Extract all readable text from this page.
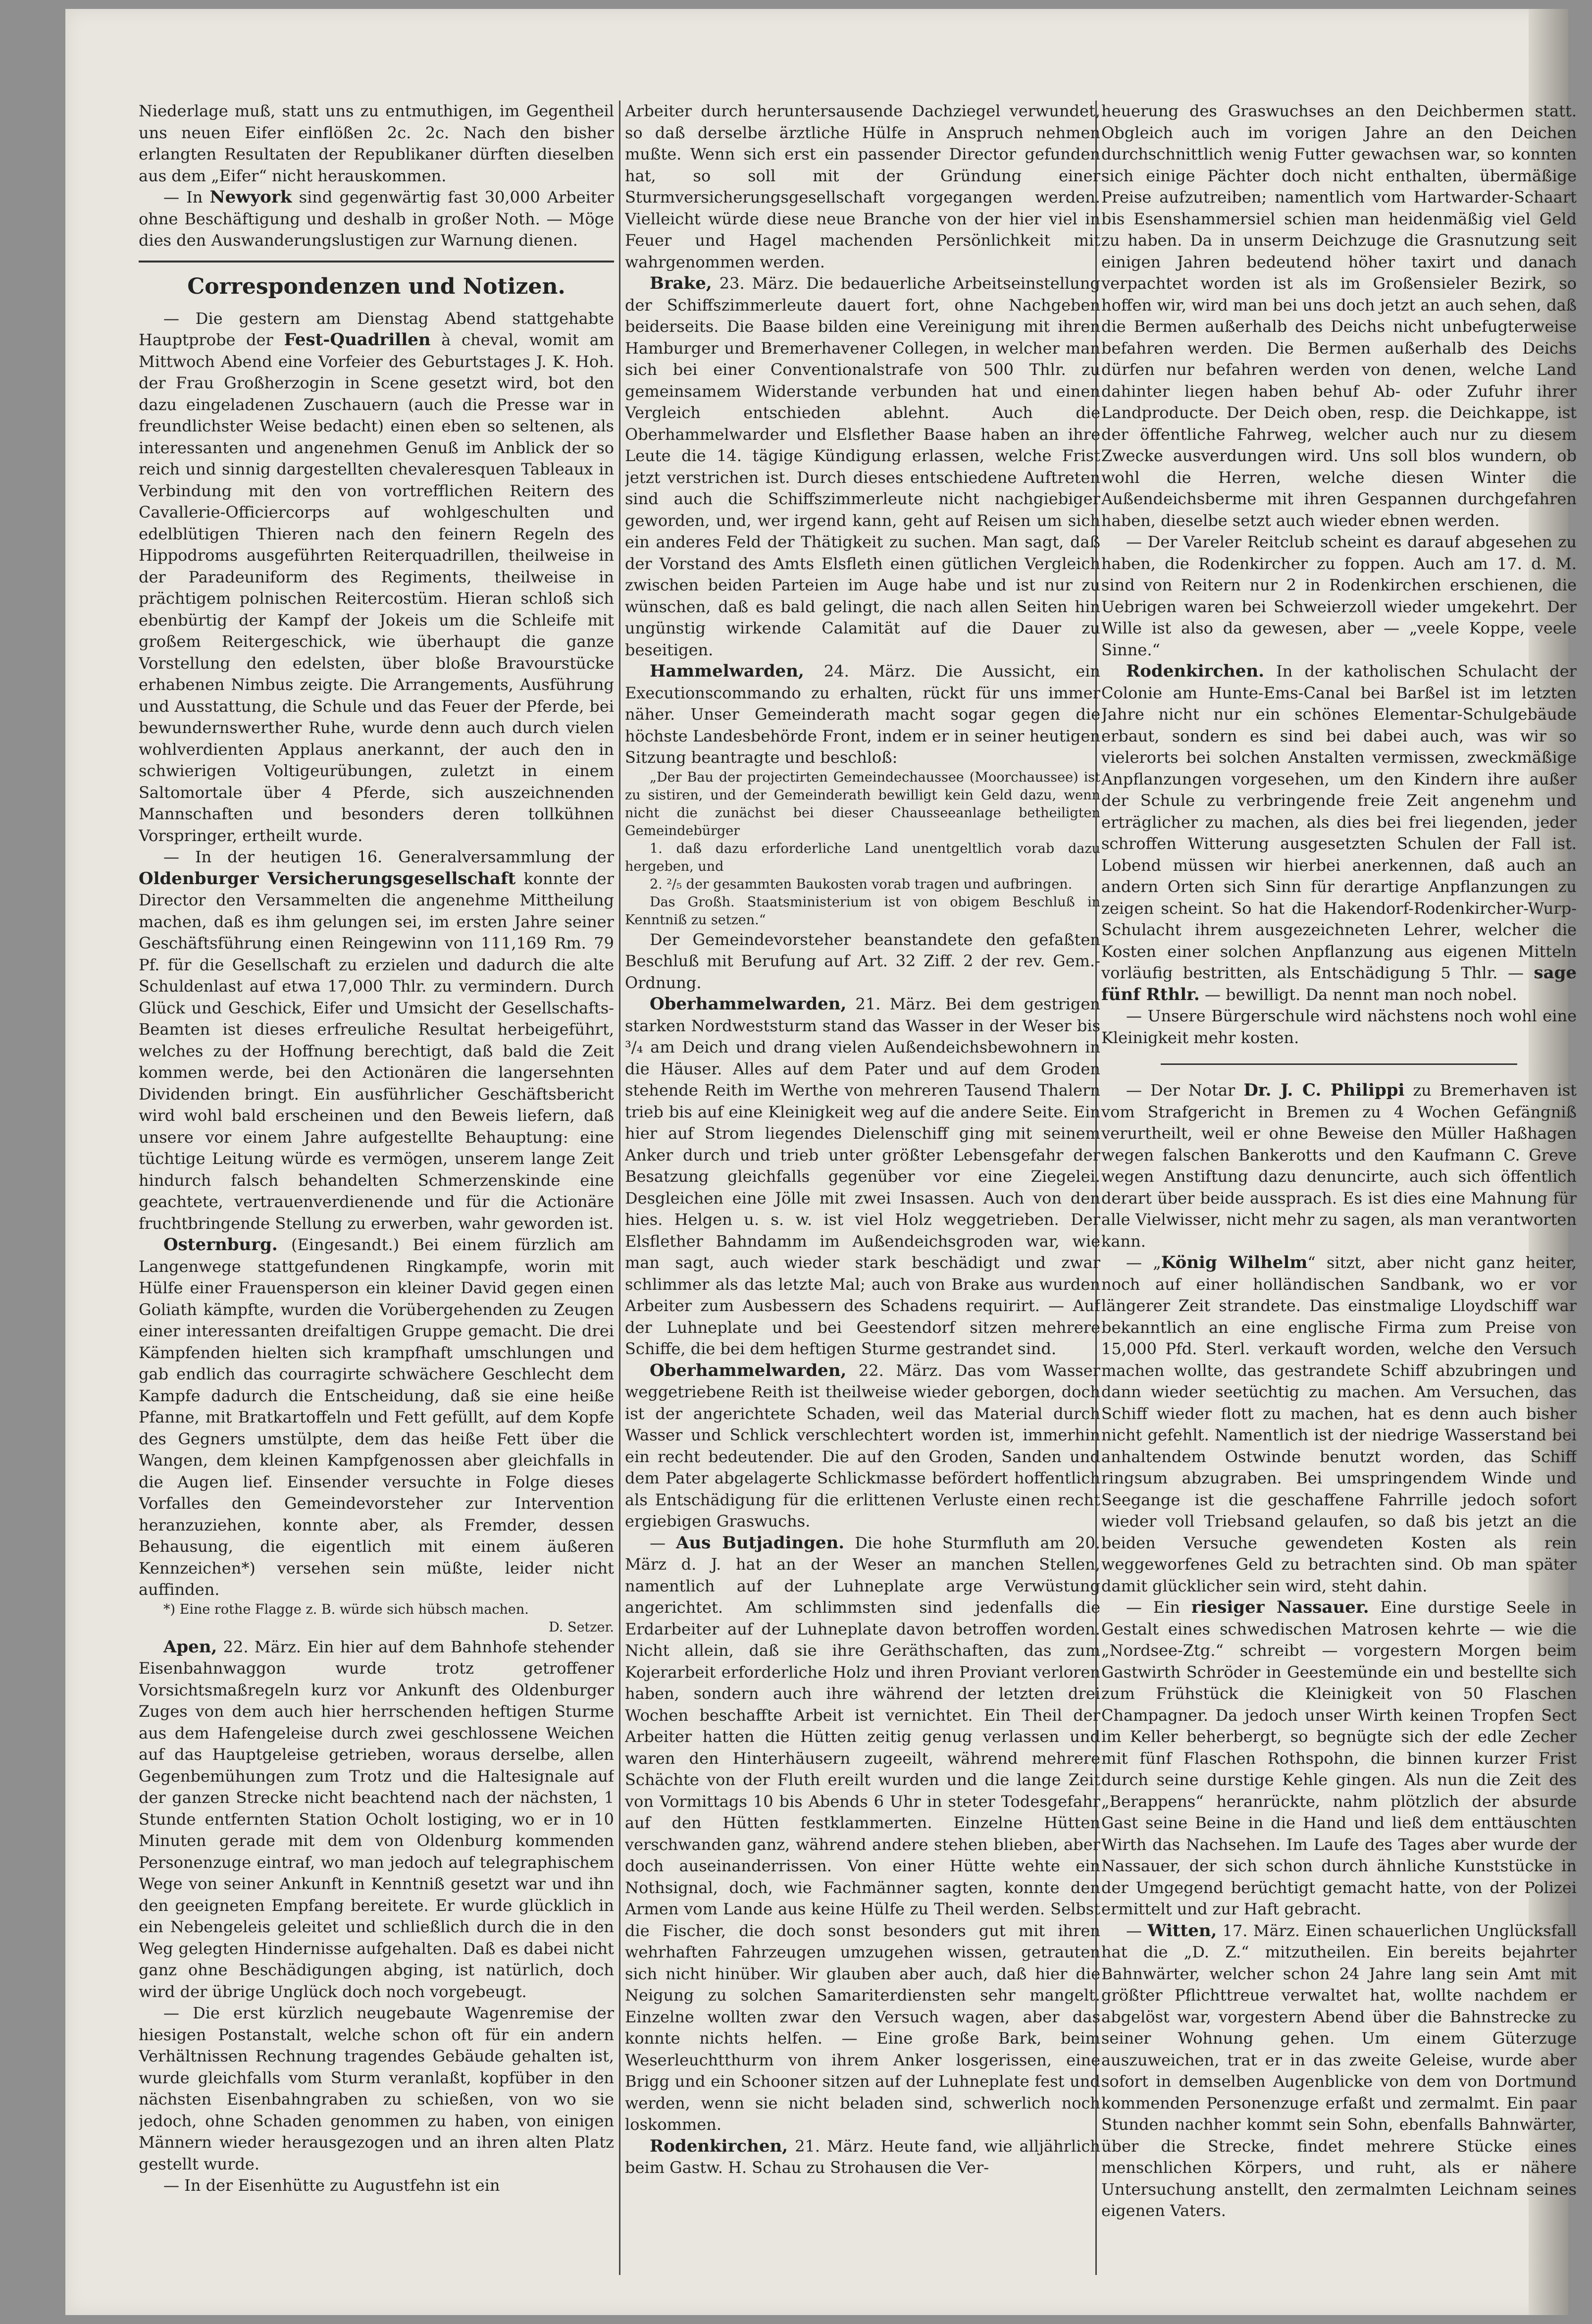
Niederlage muß, statt uns zu entmuthigen, im Gegentheil uns neuen Eifer einflößen 2c. 2c. Nach den bisher erlangten Resultaten der Republikaner dürften dieselben aus dem „Eifer“ nicht herauskommen.

— In Newyork sind gegenwärtig fast 30,000 Arbeiter ohne Beschäftigung und deshalb in großer Noth. — Möge dies den Auswanderungslustigen zur Warnung dienen.

Correspondenzen und Notizen.

— Die gestern am Dienstag Abend stattgehabte Hauptprobe der Fest-Quadrillen à cheval, womit am Mittwoch Abend eine Vorfeier des Geburtstages J. K. Hoh. der Frau Großherzogin in Scene gesetzt wird, bot den dazu eingeladenen Zuschauern (auch die Presse war in freundlichster Weise bedacht) einen eben so seltenen, als interessanten und angenehmen Genuß im Anblick der so reich und sinnig dargestellten chevaleresquen Tableaux in Verbindung mit den von vortrefflichen Reitern des Cavallerie-Officiercorps auf wohlgeschulten und edelblütigen Thieren nach den feinern Regeln des Hippodroms ausgeführten Reiterquadrillen, theilweise in der Paradeuniform des Regiments, theilweise in prächtigem polnischen Reitercostüm. Hieran schloß sich ebenbürtig der Kampf der Jokeis um die Schleife mit großem Reitergeschick, wie überhaupt die ganze Vorstellung den edelsten, über bloße Bravourstücke erhabenen Nimbus zeigte. Die Arrangements, Ausführung und Ausstattung, die Schule und das Feuer der Pferde, bei bewundernswerther Ruhe, wurde denn auch durch vielen wohlverdienten Applaus anerkannt, der auch den in schwierigen Voltigeurübungen, zuletzt in einem Saltomortale über 4 Pferde, sich auszeichnenden Mannschaften und besonders deren tollkühnen Vorspringer, ertheilt wurde.

— In der heutigen 16. Generalversammlung der Oldenburger Versicherungsgesellschaft konnte der Director den Versammelten die angenehme Mittheilung machen, daß es ihm gelungen sei, im ersten Jahre seiner Geschäftsführung einen Reingewinn von 111,169 Rm. 79 Pf. für die Gesellschaft zu erzielen und dadurch die alte Schuldenlast auf etwa 17,000 Thlr. zu vermindern. Durch Glück und Geschick, Eifer und Umsicht der Gesellschafts-Beamten ist dieses erfreuliche Resultat herbeigeführt, welches zu der Hoffnung berechtigt, daß bald die Zeit kommen werde, bei den Actionären die langersehnten Dividenden bringt. Ein ausführlicher Geschäftsbericht wird wohl bald erscheinen und den Beweis liefern, daß unsere vor einem Jahre aufgestellte Behauptung: eine tüchtige Leitung würde es vermögen, unserem lange Zeit hindurch falsch behandelten Schmerzenskinde eine geachtete, vertrauenverdienende und für die Actionäre fruchtbringende Stellung zu erwerben, wahr geworden ist.

Osternburg. (Eingesandt.) Bei einem fürzlich am Langenwege stattgefundenen Ringkampfe, worin mit Hülfe einer Frauensperson ein kleiner David gegen einen Goliath kämpfte, wurden die Vorübergehenden zu Zeugen einer interessanten dreifaltigen Gruppe gemacht. Die drei Kämpfenden hielten sich krampfhaft umschlungen und gab endlich das courragirte schwächere Geschlecht dem Kampfe dadurch die Entscheidung, daß sie eine heiße Pfanne, mit Bratkartoffeln und Fett gefüllt, auf dem Kopfe des Gegners umstülpte, dem das heiße Fett über die Wangen, dem kleinen Kampfgenossen aber gleichfalls in die Augen lief. Einsender versuchte in Folge dieses Vorfalles den Gemeindevorsteher zur Intervention heranzuziehen, konnte aber, als Fremder, dessen Behausung, die eigentlich mit einem äußeren Kennzeichen*) versehen sein müßte, leider nicht auffinden.

*) Eine rothe Flagge z. B. würde sich hübsch machen.

D. Setzer.

Apen, 22. März. Ein hier auf dem Bahnhofe stehender Eisenbahnwaggon wurde trotz getroffener Vorsichtsmaßregeln kurz vor Ankunft des Oldenburger Zuges von dem auch hier herrschenden heftigen Sturme aus dem Hafengeleise durch zwei geschlossene Weichen auf das Hauptgeleise getrieben, woraus derselbe, allen Gegenbemühungen zum Trotz und die Haltesignale auf der ganzen Strecke nicht beachtend nach der nächsten, 1 Stunde entfernten Station Ocholt lostiging, wo er in 10 Minuten gerade mit dem von Oldenburg kommenden Personenzuge eintraf, wo man jedoch auf telegraphischem Wege von seiner Ankunft in Kenntniß gesetzt war und ihn den geeigneten Empfang bereitete. Er wurde glücklich in ein Nebengeleis geleitet und schließlich durch die in den Weg gelegten Hindernisse aufgehalten. Daß es dabei nicht ganz ohne Beschädigungen abging, ist natürlich, doch wird der übrige Unglück doch noch vorgebeugt.

— Die erst kürzlich neugebaute Wagenremise der hiesigen Postanstalt, welche schon oft für ein andern Verhältnissen Rechnung tragendes Gebäude gehalten ist, wurde gleichfalls vom Sturm veranlaßt, kopfüber in den nächsten Eisenbahngraben zu schießen, von wo sie jedoch, ohne Schaden genommen zu haben, von einigen Männern wieder herausgezogen und an ihren alten Platz gestellt wurde.

— In der Eisenhütte zu Augustfehn ist ein

Arbeiter durch heruntersausende Dachziegel verwundet, so daß derselbe ärztliche Hülfe in Anspruch nehmen mußte. Wenn sich erst ein passender Director gefunden hat, so soll mit der Gründung einer Sturmversicherungsgesellschaft vorgegangen werden. Vielleicht würde diese neue Branche von der hier viel in Feuer und Hagel machenden Persönlichkeit mit wahrgenommen werden.

Brake, 23. März. Die bedauerliche Arbeitseinstellung der Schiffszimmerleute dauert fort, ohne Nachgeben beiderseits. Die Baase bilden eine Vereinigung mit ihren Hamburger und Bremerhavener Collegen, in welcher man sich bei einer Conventionalstrafe von 500 Thlr. zu gemeinsamem Widerstande verbunden hat und einen Vergleich entschieden ablehnt. Auch die Oberhammelwarder und Elsflether Baase haben an ihre Leute die 14. tägige Kündigung erlassen, welche Frist jetzt verstrichen ist. Durch dieses entschiedene Auftreten sind auch die Schiffszimmerleute nicht nachgiebiger geworden, und, wer irgend kann, geht auf Reisen um sich ein anderes Feld der Thätigkeit zu suchen. Man sagt, daß der Vorstand des Amts Elsfleth einen gütlichen Vergleich zwischen beiden Parteien im Auge habe und ist nur zu wünschen, daß es bald gelingt, die nach allen Seiten hin ungünstig wirkende Calamität auf die Dauer zu beseitigen.

Hammelwarden, 24. März. Die Aussicht, ein Executionscommando zu erhalten, rückt für uns immer näher. Unser Gemeinderath macht sogar gegen die höchste Landesbehörde Front, indem er in seiner heutigen Sitzung beantragte und beschloß:

„Der Bau der projectirten Gemeindechaussee (Moorchaussee) ist zu sistiren, und der Gemeinderath bewilligt kein Geld dazu, wenn nicht die zunächst bei dieser Chausseeanlage betheiligten Gemeindebürger

1. daß dazu erforderliche Land unentgeltlich vorab dazu hergeben, und

2. ²/₅ der gesammten Baukosten vorab tragen und aufbringen.

Das Großh. Staatsministerium ist von obigem Beschluß in Kenntniß zu setzen.“

Der Gemeindevorsteher beanstandete den gefaßten Beschluß mit Berufung auf Art. 32 Ziff. 2 der rev. Gem.-Ordnung.

Oberhammelwarden, 21. März. Bei dem gestrigen starken Nordweststurm stand das Wasser in der Weser bis ³/₄ am Deich und drang vielen Außendeichsbewohnern in die Häuser. Alles auf dem Pater und auf dem Groden stehende Reith im Werthe von mehreren Tausend Thalern trieb bis auf eine Kleinigkeit weg auf die andere Seite. Ein hier auf Strom liegendes Dielenschiff ging mit seinem Anker durch und trieb unter größter Lebensgefahr der Besatzung gleichfalls gegenüber vor eine Ziegelei. Desgleichen eine Jölle mit zwei Insassen. Auch von den hies. Helgen u. s. w. ist viel Holz weggetrieben. Der Elsflether Bahndamm im Außendeichsgroden war, wie man sagt, auch wieder stark beschädigt und zwar schlimmer als das letzte Mal; auch von Brake aus wurden Arbeiter zum Ausbessern des Schadens requirirt. — Auf der Luhneplate und bei Geestendorf sitzen mehrere Schiffe, die bei dem heftigen Sturme gestrandet sind.

Oberhammelwarden, 22. März. Das vom Wasser weggetriebene Reith ist theilweise wieder geborgen, doch ist der angerichtete Schaden, weil das Material durch Wasser und Schlick verschlechtert worden ist, immerhin ein recht bedeutender. Die auf den Groden, Sanden und dem Pater abgelagerte Schlickmasse befördert hoffentlich als Entschädigung für die erlittenen Verluste einen recht ergiebigen Graswuchs.

— Aus Butjadingen. Die hohe Sturmfluth am 20. März d. J. hat an der Weser an manchen Stellen, namentlich auf der Luhneplate arge Verwüstung angerichtet. Am schlimmsten sind jedenfalls die Erdarbeiter auf der Luhneplate davon betroffen worden. Nicht allein, daß sie ihre Geräthschaften, das zum Kojerarbeit erforderliche Holz und ihren Proviant verloren haben, sondern auch ihre während der letzten drei Wochen beschaffte Arbeit ist vernichtet. Ein Theil der Arbeiter hatten die Hütten zeitig genug verlassen und waren den Hinterhäusern zugeeilt, während mehrere Schächte von der Fluth ereilt wurden und die lange Zeit von Vormittags 10 bis Abends 6 Uhr in steter Todesgefahr auf den Hütten festklammerten. Einzelne Hütten verschwanden ganz, während andere stehen blieben, aber doch auseinanderrissen. Von einer Hütte wehte ein Nothsignal, doch, wie Fachmänner sagten, konnte den Armen vom Lande aus keine Hülfe zu Theil werden. Selbst die Fischer, die doch sonst besonders gut mit ihren wehrhaften Fahrzeugen umzugehen wissen, getrauten sich nicht hinüber. Wir glauben aber auch, daß hier die Neigung zu solchen Samariterdiensten sehr mangelt. Einzelne wollten zwar den Versuch wagen, aber das konnte nichts helfen. — Eine große Bark, beim Weserleuchtthurm von ihrem Anker losgerissen, eine Brigg und ein Schooner sitzen auf der Luhneplate fest und werden, wenn sie nicht beladen sind, schwerlich noch loskommen.

Rodenkirchen, 21. März. Heute fand, wie alljährlich beim Gastw. H. Schau zu Strohausen die Ver-

heuerung des Graswuchses an den Deichbermen statt. Obgleich auch im vorigen Jahre an den Deichen durchschnittlich wenig Futter gewachsen war, so konnten sich einige Pächter doch nicht enthalten, übermäßige Preise aufzutreiben; namentlich vom Hartwarder-Schaart bis Esenshammersiel schien man heidenmäßig viel Geld zu haben. Da in unserm Deichzuge die Grasnutzung seit einigen Jahren bedeutend höher taxirt und danach verpachtet worden ist als im Großensieler Bezirk, so hoffen wir, wird man bei uns doch jetzt an auch sehen, daß die Bermen außerhalb des Deichs nicht unbefugterweise befahren werden. Die Bermen außerhalb des Deichs dürfen nur befahren werden von denen, welche Land dahinter liegen haben behuf Ab- oder Zufuhr ihrer Landproducte. Der Deich oben, resp. die Deichkappe, ist der öffentliche Fahrweg, welcher auch nur zu diesem Zwecke ausverdungen wird. Uns soll blos wundern, ob wohl die Herren, welche diesen Winter die Außendeichsberme mit ihren Gespannen durchgefahren haben, dieselbe setzt auch wieder ebnen werden.

— Der Vareler Reitclub scheint es darauf abgesehen zu haben, die Rodenkircher zu foppen. Auch am 17. d. M. sind von Reitern nur 2 in Rodenkirchen erschienen, die Uebrigen waren bei Schweierzoll wieder umgekehrt. Der Wille ist also da gewesen, aber — „veele Koppe, veele Sinne.“

Rodenkirchen. In der katholischen Schulacht der Colonie am Hunte-Ems-Canal bei Barßel ist im letzten Jahre nicht nur ein schönes Elementar-Schulgebäude erbaut, sondern es sind bei dabei auch, was wir so vielerorts bei solchen Anstalten vermissen, zweckmäßige Anpflanzungen vorgesehen, um den Kindern ihre außer der Schule zu verbringende freie Zeit angenehm und erträglicher zu machen, als dies bei frei liegenden, jeder schroffen Witterung ausgesetzten Schulen der Fall ist. Lobend müssen wir hierbei anerkennen, daß auch an andern Orten sich Sinn für derartige Anpflanzungen zu zeigen scheint. So hat die Hakendorf-Rodenkircher-Wurp-Schulacht ihrem ausgezeichneten Lehrer, welcher die Kosten einer solchen Anpflanzung aus eigenen Mitteln vorläufig bestritten, als Entschädigung 5 Thlr. — sage fünf Rthlr. — bewilligt. Da nennt man noch nobel.

— Unsere Bürgerschule wird nächstens noch wohl eine Kleinigkeit mehr kosten.

— Der Notar Dr. J. C. Philippi zu Bremerhaven ist vom Strafgericht in Bremen zu 4 Wochen Gefängniß verurtheilt, weil er ohne Beweise den Müller Haßhagen wegen falschen Bankerotts und den Kaufmann C. Greve wegen Anstiftung dazu denuncirte, auch sich öffentlich derart über beide aussprach. Es ist dies eine Mahnung für alle Vielwisser, nicht mehr zu sagen, als man verantworten kann.

— „König Wilhelm“ sitzt, aber nicht ganz heiter, noch auf einer holländischen Sandbank, wo er vor längerer Zeit strandete. Das einstmalige Lloydschiff war bekanntlich an eine englische Firma zum Preise von 15,000 Pfd. Sterl. verkauft worden, welche den Versuch machen wollte, das gestrandete Schiff abzubringen und dann wieder seetüchtig zu machen. Am Versuchen, das Schiff wieder flott zu machen, hat es denn auch bisher nicht gefehlt. Namentlich ist der niedrige Wasserstand bei anhaltendem Ostwinde benutzt worden, das Schiff ringsum abzugraben. Bei umspringendem Winde und Seegange ist die geschaffene Fahrrille jedoch sofort wieder voll Triebsand gelaufen, so daß bis jetzt an die beiden Versuche gewendeten Kosten als rein weggeworfenes Geld zu betrachten sind. Ob man später damit glücklicher sein wird, steht dahin.

— Ein riesiger Nassauer. Eine durstige Seele in Gestalt eines schwedischen Matrosen kehrte — wie die „Nordsee-Ztg.“ schreibt — vorgestern Morgen beim Gastwirth Schröder in Geestemünde ein und bestellte sich zum Frühstück die Kleinigkeit von 50 Flaschen Champagner. Da jedoch unser Wirth keinen Tropfen Sect im Keller beherbergt, so begnügte sich der edle Zecher mit fünf Flaschen Rothspohn, die binnen kurzer Frist durch seine durstige Kehle gingen. Als nun die Zeit des „Berappens“ heranrückte, nahm plötzlich der absurde Gast seine Beine in die Hand und ließ dem enttäuschten Wirth das Nachsehen. Im Laufe des Tages aber wurde der Nassauer, der sich schon durch ähnliche Kunststücke in der Umgegend berüchtigt gemacht hatte, von der Polizei ermittelt und zur Haft gebracht.

— Witten, 17. März. Einen schauerlichen Unglücksfall hat die „D. Z.“ mitzutheilen. Ein bereits bejahrter Bahnwärter, welcher schon 24 Jahre lang sein Amt mit größter Pflichttreue verwaltet hat, wollte nachdem er abgelöst war, vorgestern Abend über die Bahnstrecke zu seiner Wohnung gehen. Um einem Güterzuge auszuweichen, trat er in das zweite Geleise, wurde aber sofort in demselben Augenblicke von dem von Dortmund kommenden Personenzuge erfaßt und zermalmt. Ein paar Stunden nachher kommt sein Sohn, ebenfalls Bahnwärter, über die Strecke, findet mehrere Stücke eines menschlichen Körpers, und ruht, als er nähere Untersuchung anstellt, den zermalmten Leichnam seines eigenen Vaters.
